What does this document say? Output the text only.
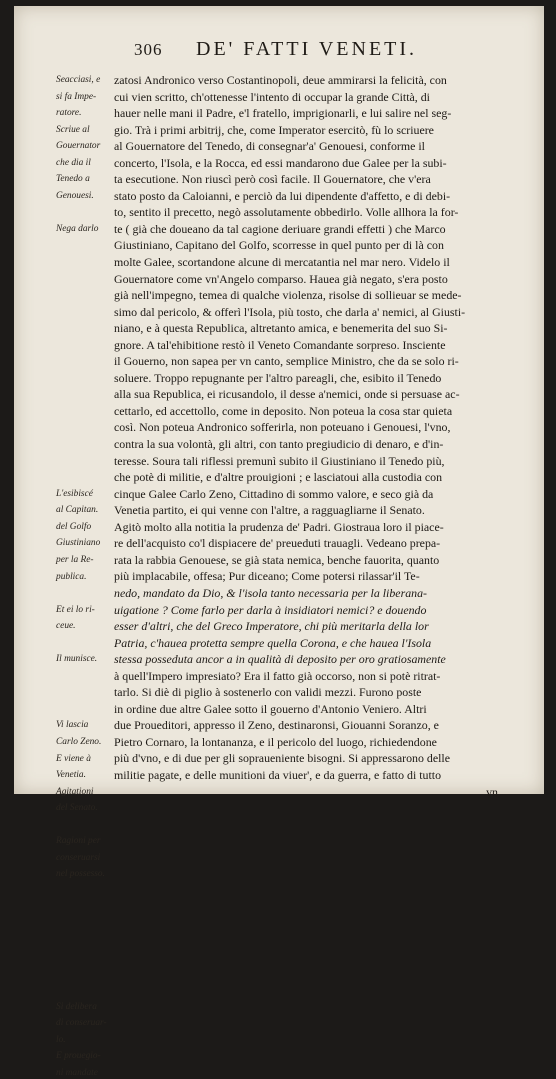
306 DE' FATTI VENETI.
Seacciasi, e
si fa Impe-
ratore.
Scriue al
Gouernator
che dia il
Tenedo a
Genouesi.
Nega darlo
L'esibiscé
al Capitan.
del Golfo
Giustiniano
per la Re-
publica.
Et ei lo ri-
ceue.
Il munisce.
Vi lascia
Carlo Zeno.
E viene à
Venetia.
Agitationi
del Senato.
Ragioni per
conseruarsi
nel possesso.
Si delibera
di conseruar-
lo.
E prouegio-
ni mandate
zatosi Andronico verso Costantinopoli, deue ammirarsi la felicità, con
cui vien scritto, ch'ottenesse l'intento di occupar la grande Città, di
hauer nelle mani il Padre, e'l fratello, imprigionarli, e lui salire nel seg-
gio. Trà i primi arbitrij, che, come Imperator esercitò, fù lo scriuere
al Gouernatore del Tenedo, di consegnar'a' Genouesi, conforme il
concerto, l'Isola, e la Rocca, ed essi mandarono due Galee per la subi-
ta esecutione. Non riuscì però così facile. Il Gouernatore, che v'era
stato posto da Caloianni, e perciò da lui dipendente d'affetto, e di debi-
to, sentito il precetto, negò assolutamente obbedirlo. Volle allhora la for-
te ( già che doueano da tal cagione deriuare grandi effetti ) che Marco
Giustiniano, Capitano del Golfo, scorresse in quel punto per di là con
molte Galee, scortandone alcune di mercatantia nel mar nero. Videlo il
Gouernatore come vn'Angelo comparso. Hauea già negato, s'era posto
già nell'impegno, temea di qualche violenza, risolse di sollieuar se mede-
simo dal pericolo, & offerì l'Isola, più tosto, che darla a' nemici, al Giusti-
niano, e à questa Republica, altretanto amica, e benemerita del suo Si-
gnore. A tal'ehibitione restò il Veneto Comandante sorpreso. Insciente
il Gouerno, non sapea per vn canto, semplice Ministro, che da se solo ri-
soluere. Troppo repugnante per l'altro pareagli, che, esibito il Tenedo
alla sua Republica, ei ricusandolo, il desse a'nemici, onde si persuase ac-
cettarlo, ed accettollo, come in deposito. Non poteua la cosa star quieta
così. Non poteua Andronico sofferirla, non poteuano i Genouesi, l'vno,
contra la sua volontà, gli altri, con tanto pregiudicio di denaro, e d'in-
teresse. Soura tali riflessi premunì subito il Giustiniano il Tenedo più,
che potè di militie, e d'altre prouigioni ; e lasciatoui alla custodia con
cinque Galee Carlo Zeno, Cittadino di sommo valore, e seco già da
Venetia partito, ei qui venne con l'altre, a ragguagliarne il Senato.
Agitò molto alla notitia la prudenza de' Padri. Giostraua loro il piace-
re dell'acquisto co'l dispiacere de' preueduti trauagli. Vedeano prepa-
rata la rabbia Genouese, se già stata nemica, benche fauorita, quanto
più implacabile, offesa; Pur diceano; Come potersi rilassar'il Te-
nedo, mandato da Dio, & l'isola tanto necessaria per la liberana-
uigatione ? Come farlo per darla à insidiatori nemici? e douendo
esser d'altri, che del Greco Imperatore, chi più meritarla della lor
Patria, c'hauea protetta sempre quella Corona, e che hauea l'Isola
stessa posseduta ancor a in qualità di deposito per oro gratiosamente
à quell'Impero impresiato? Era il fatto già occorso, non si potè ritrat-
tarlo. Si diè di piglio à sostenerlo con validi mezzi. Furono poste
in ordine due altre Galee sotto il gouerno d'Antonio Veniero. Altri
due Proueditori, appresso il Zeno, destinaronsi, Giouanni Soranzo, e
Pietro Cornaro, la lontananza, e il pericolo del luogo, richiedendone
più d'vno, e di due per gli sopraueniente bisogni. Si appressarono delle
militie pagate, e delle munitioni da viuer', e da guerra, e fatto di tutto
vn
